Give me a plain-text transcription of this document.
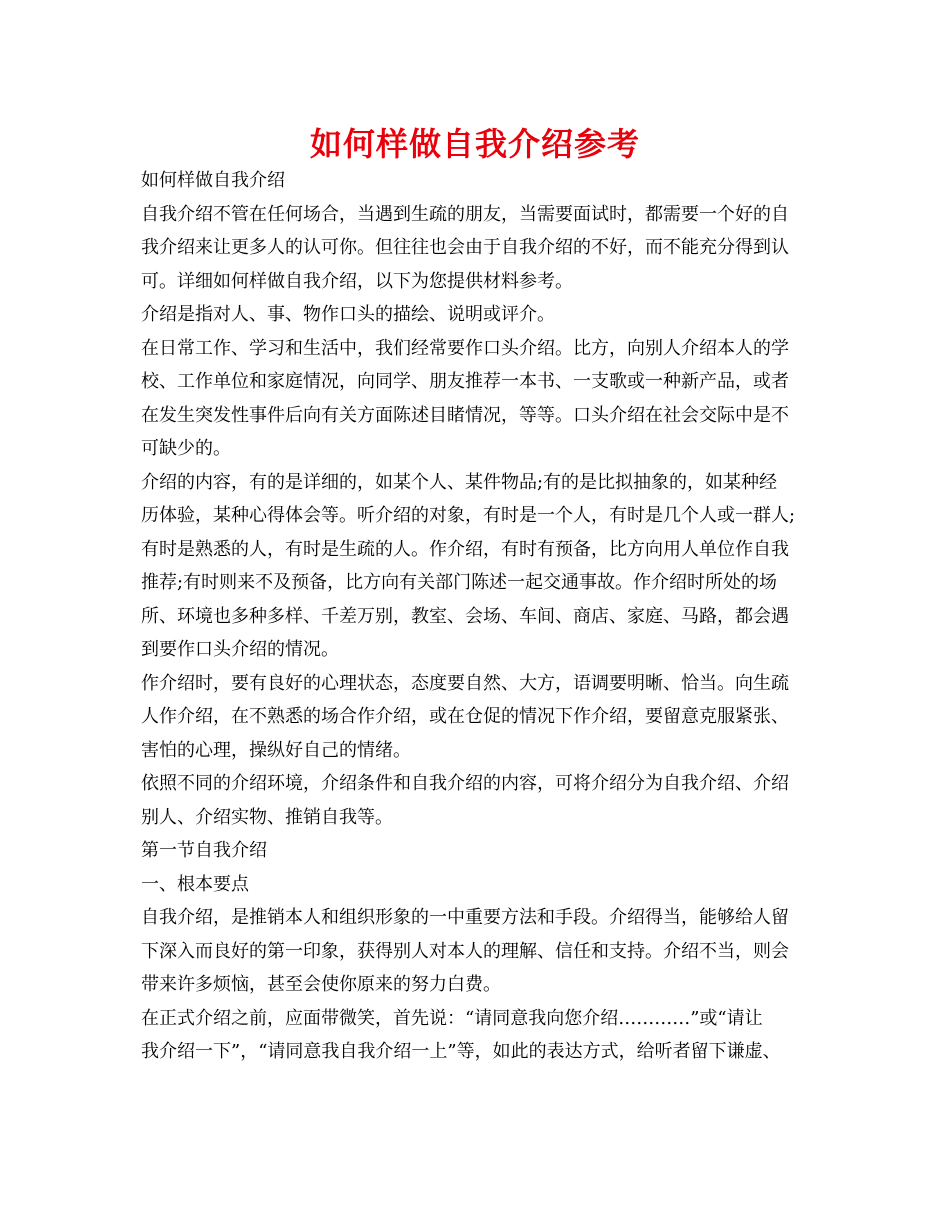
如何样做自我介绍参考
如何样做自我介绍
自我介绍不管在任何场合，当遇到生疏的朋友，当需要面试时，都需要一个好的自
我介绍来让更多人的认可你。但往往也会由于自我介绍的不好，而不能充分得到认
可。详细如何样做自我介绍，以下为您提供材料参考。
介绍是指对人、事、物作口头的描绘、说明或评介。
在日常工作、学习和生活中，我们经常要作口头介绍。比方，向别人介绍本人的学
校、工作单位和家庭情况，向同学、朋友推荐一本书、一支歌或一种新产品，或者
在发生突发性事件后向有关方面陈述目睹情况，等等。口头介绍在社会交际中是不
可缺少的。
介绍的内容，有的是详细的，如某个人、某件物品;有的是比拟抽象的，如某种经
历体验，某种心得体会等。听介绍的对象，有时是一个人，有时是几个人或一群人;
有时是熟悉的人，有时是生疏的人。作介绍，有时有预备，比方向用人单位作自我
推荐;有时则来不及预备，比方向有关部门陈述一起交通事故。作介绍时所处的场
所、环境也多种多样、千差万别，教室、会场、车间、商店、家庭、马路，都会遇
到要作口头介绍的情况。
作介绍时，要有良好的心理状态，态度要自然、大方，语调要明晰、恰当。向生疏
人作介绍，在不熟悉的场合作介绍，或在仓促的情况下作介绍，要留意克服紧张、
害怕的心理，操纵好自己的情绪。
依照不同的介绍环境，介绍条件和自我介绍的内容，可将介绍分为自我介绍、介绍
别人、介绍实物、推销自我等。
第一节自我介绍
一、根本要点
自我介绍，是推销本人和组织形象的一中重要方法和手段。介绍得当，能够给人留
下深入而良好的第一印象，获得别人对本人的理解、信任和支持。介绍不当，则会
带来许多烦恼，甚至会使你原来的努力白费。
在正式介绍之前，应面带微笑，首先说：“请同意我向您介绍…………”或“请让
我介绍一下”，“请同意我自我介绍一上”等，如此的表达方式，给听者留下谦虚、
